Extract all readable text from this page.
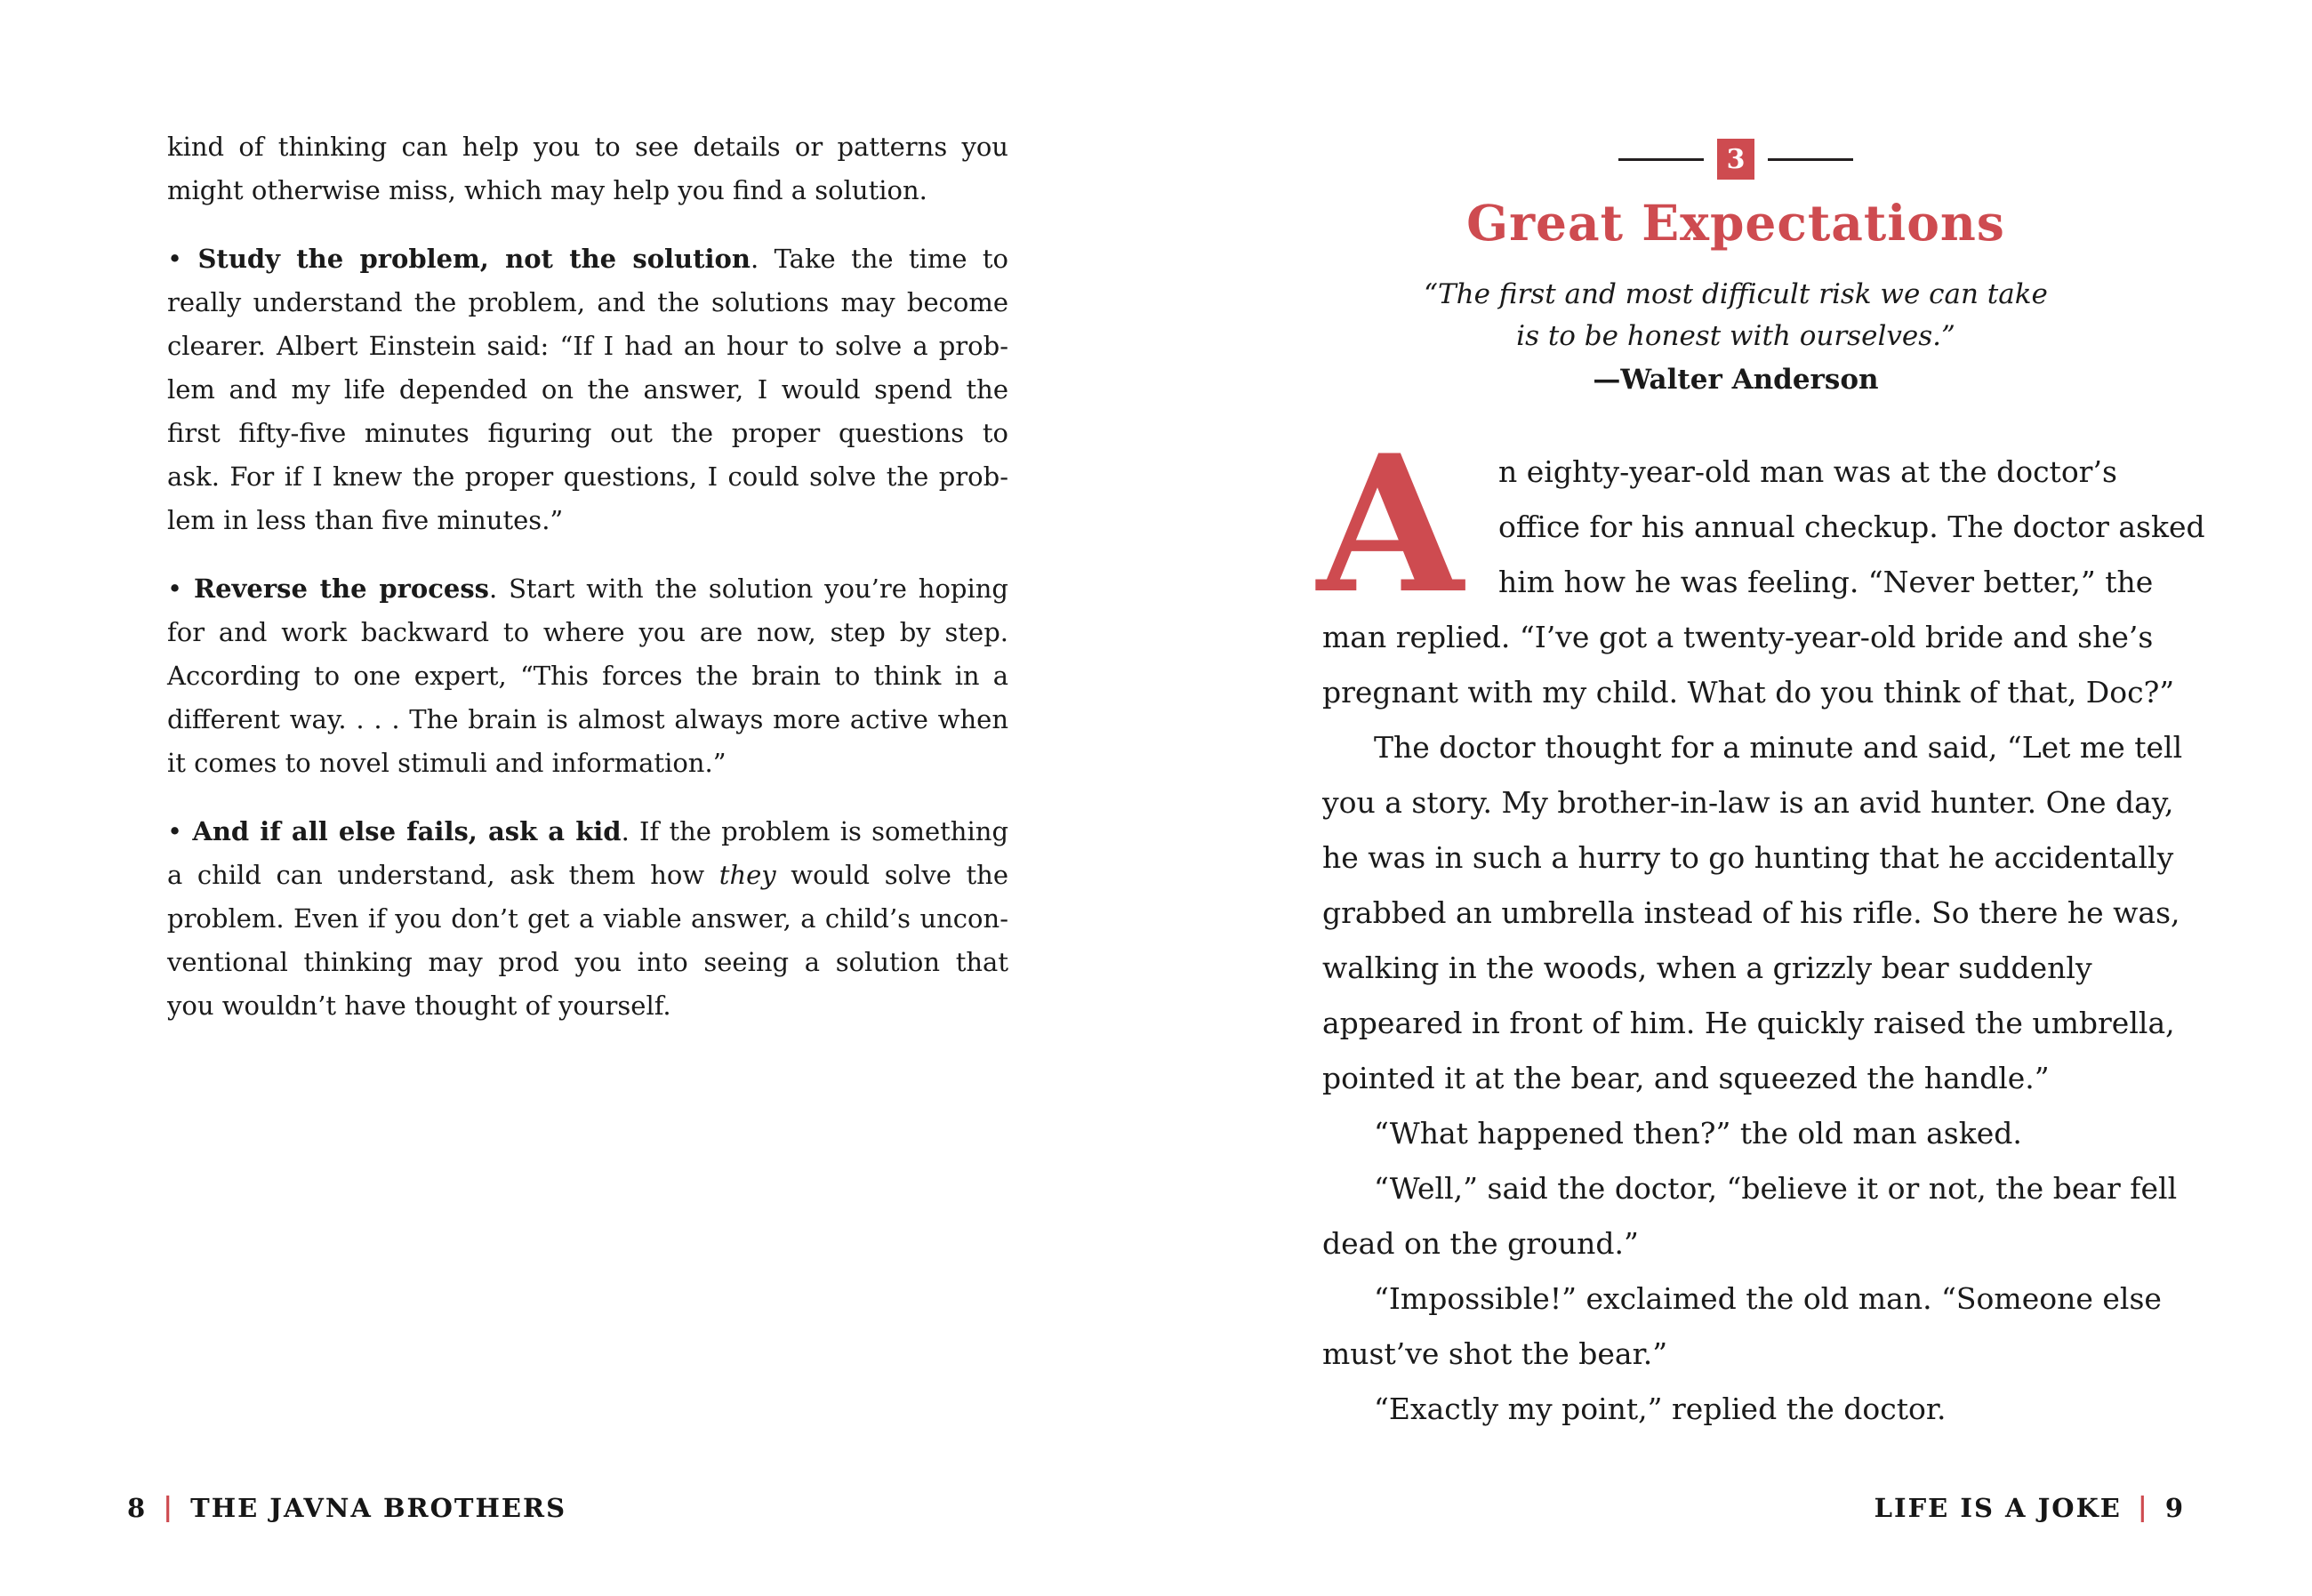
kind of thinking can help you to see details or patterns you
might otherwise miss, which may help you find a solution.
• Study the problem, not the solution. Take the time to
really understand the problem, and the solutions may become
clearer. Albert Einstein said: “If I had an hour to solve a prob-
lem and my life depended on the answer, I would spend the
first fifty-five minutes figuring out the proper questions to
ask. For if I knew the proper questions, I could solve the prob-
lem in less than five minutes.”
• Reverse the process. Start with the solution you’re hoping
for and work backward to where you are now, step by step.
According to one expert, “This forces the brain to think in a
different way. . . . The brain is almost always more active when
it comes to novel stimuli and information.”
• And if all else fails, ask a kid. If the problem is something
a child can understand, ask them how they would solve the
problem. Even if you don’t get a viable answer, a child’s uncon-
ventional thinking may prod you into seeing a solution that
you wouldn’t have thought of yourself.
8 | THE JAVNA BROTHERS
3
Great Expectations
“The first and most difficult risk we can take
is to be honest with ourselves.”
—Walter Anderson
A	n eighty-year-old man was at the doctor’s
office for his annual checkup. The doctor asked
him how he was feeling. “Never better,” the
man replied. “I’ve got a twenty-year-old bride and she’s
pregnant with my child. What do you think of that, Doc?”
The doctor thought for a minute and said, “Let me tell
you a story. My brother-in-law is an avid hunter. One day,
he was in such a hurry to go hunting that he accidentally
grabbed an umbrella instead of his rifle. So there he was,
walking in the woods, when a grizzly bear suddenly
appeared in front of him. He quickly raised the umbrella,
pointed it at the bear, and squeezed the handle.”
“What happened then?” the old man asked.
“Well,” said the doctor, “believe it or not, the bear fell
dead on the ground.”
“Impossible!” exclaimed the old man. “Someone else
must’ve shot the bear.”
“Exactly my point,” replied the doctor.
LIFE IS A JOKE | 9
